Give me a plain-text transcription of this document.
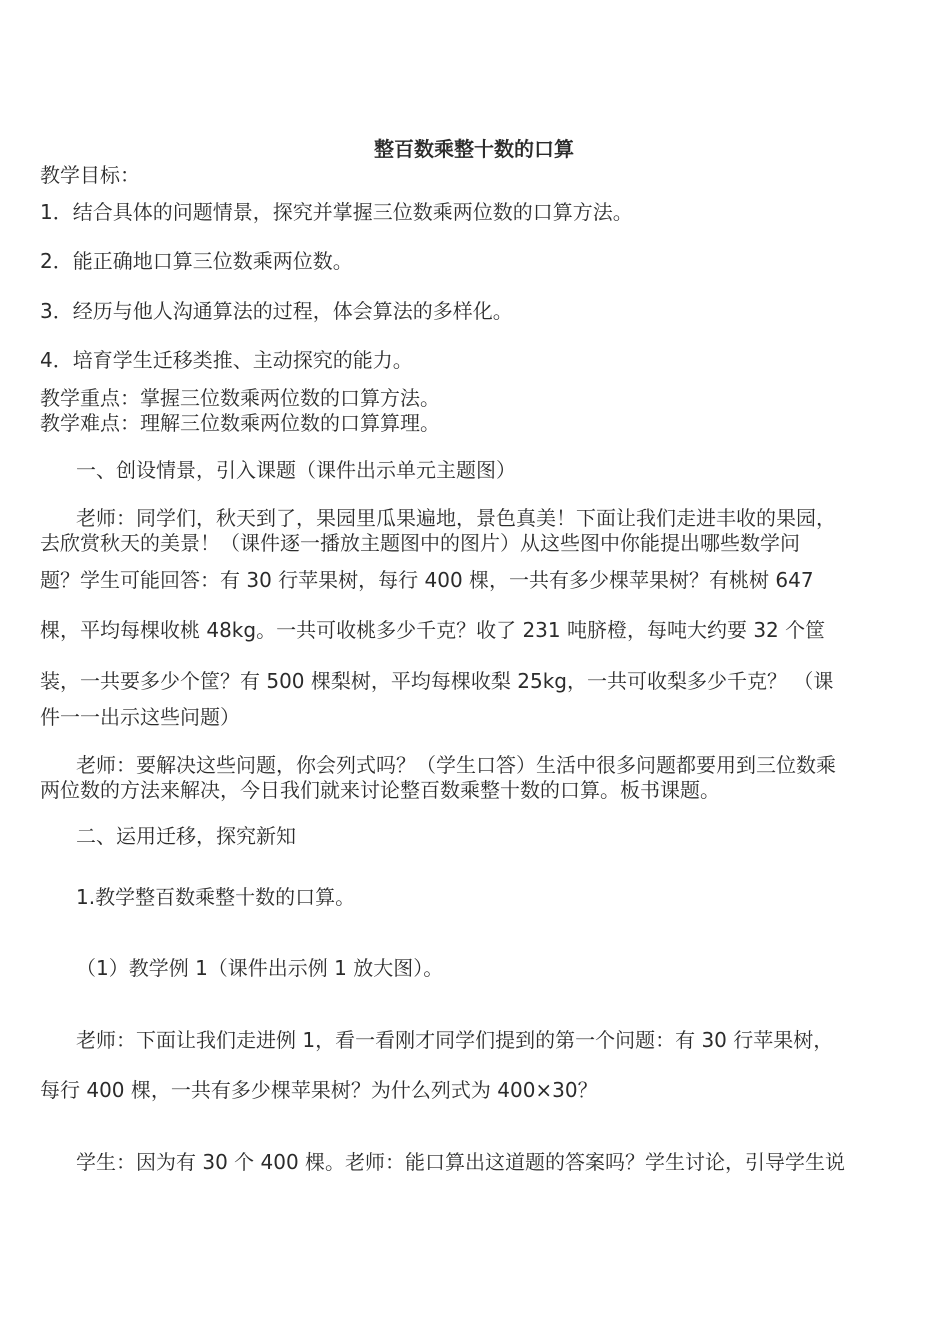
整百数乘整十数的口算
教学目标：
1．结合具体的问题情景，探究并掌握三位数乘两位数的口算方法。
2．能正确地口算三位数乘两位数。
3．经历与他人沟通算法的过程，体会算法的多样化。
4．培育学生迁移类推、主动探究的能力。
教学重点：掌握三位数乘两位数的口算方法。
教学难点：理解三位数乘两位数的口算算理。
一、创设情景，引入课题（课件出示单元主题图）
老师：同学们，秋天到了，果园里瓜果遍地，景色真美！下面让我们走进丰收的果园，
去欣赏秋天的美景！（课件逐一播放主题图中的图片）从这些图中你能提出哪些数学问
题？学生可能回答：有 30 行苹果树，每行 400 棵，一共有多少棵苹果树？有桃树 647
棵，平均每棵收桃 48kg。一共可收桃多少千克？收了 231 吨脐橙，每吨大约要 32 个筐
装，一共要多少个筐？有 500 棵梨树，平均每棵收梨 25kg，一共可收梨多少千克？ （课
件一一出示这些问题）
老师：要解决这些问题，你会列式吗？（学生口答）生活中很多问题都要用到三位数乘
两位数的方法来解决，今日我们就来讨论整百数乘整十数的口算。板书课题。
二、运用迁移，探究新知
1.教学整百数乘整十数的口算。
（1）教学例 1（课件出示例 1 放大图）。
老师：下面让我们走进例 1，看一看刚才同学们提到的第一个问题：有 30 行苹果树，
每行 400 棵，一共有多少棵苹果树？为什么列式为 400×30？
学生：因为有 30 个 400 棵。老师：能口算出这道题的答案吗？学生讨论，引导学生说
